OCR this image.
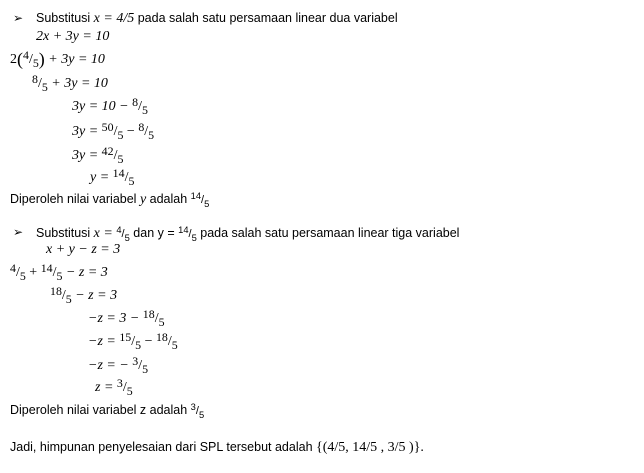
➢ Substitusi x = 4/5 pada salah satu persamaan linear dua variabel
2x + 3y = 10
$2(^4/_5) + 3y = 10$
$^8/_5 + 3y = 10$
$3y = 10 - ^8/_5$
$3y = ^{50}/_5 - ^8/_5$
$3y = ^{42}/_5$
$y = ^{14}/_5$
Diperoleh nilai variabel y adalah $^{14}/_5$
➢ Substitusi $x = ^4/_5$ dan $y = ^{14}/_5$ pada salah satu persamaan linear tiga variabel
x + y − z = 3
$^4/_5 + ^{14}/_5 - z = 3$
$^{18}/_5 - z = 3$
$-z = 3 - ^{18}/_5$
$-z = ^{15}/_5 - ^{18}/_5$
−z = − $^3/_5$
$z = ^3/_5$
Diperoleh nilai variabel z adalah $^3/_5$
Jadi, himpunan penyelesaian dari SPL tersebut adalah {(4/5, 14/5 , 3/5 )}.
